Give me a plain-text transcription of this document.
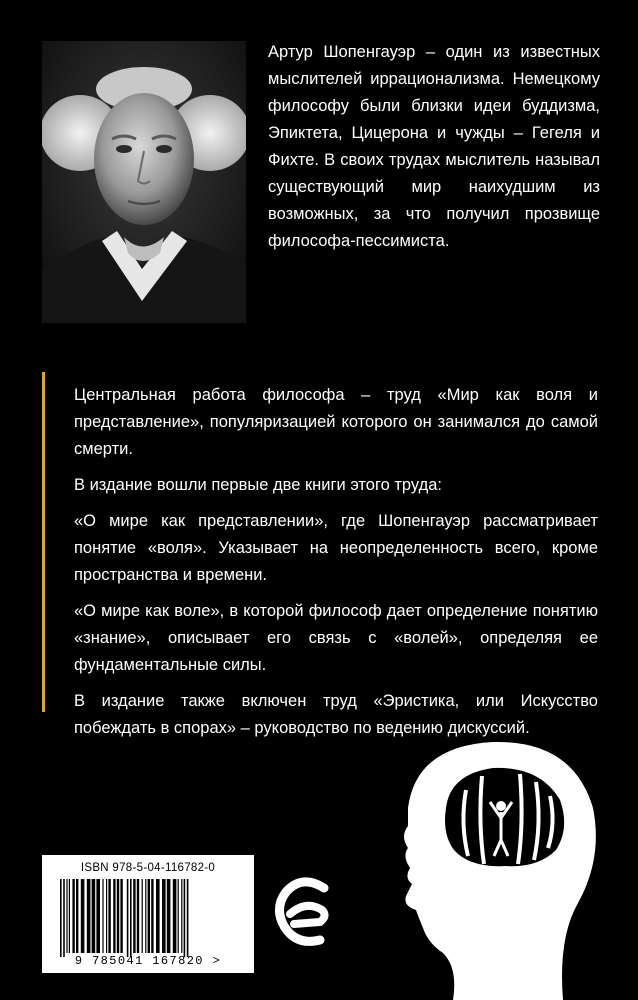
Артур Шопенгауэр – один из известных мыслителей иррационализма. Немецкому философу были близки идеи буддизма, Эпиктета, Цицерона и чужды – Гегеля и Фихте. В своих трудах мыслитель называл существующий мир наихудшим из возможных, за что получил прозвище философа-пессимиста.

Центральная работа философа – труд «Мир как воля и представление», популяризацией которого он занимался до самой смерти.

В издание вошли первые две книги этого труда:

«О мире как представлении», где Шопенгауэр рассматривает понятие «воля». Указывает на неопределенность всего, кроме пространства и времени.

«О мире как воле», в которой философ дает определение понятию «знание», описывает его связь с «волей», определяя ее фундаментальные силы.

В издание также включен труд «Эристика, или Искусство побеждать в спорах» – руководство по ведению дискуссий.

ISBN 978-5-04-116782-0
9 785041 167820 >
